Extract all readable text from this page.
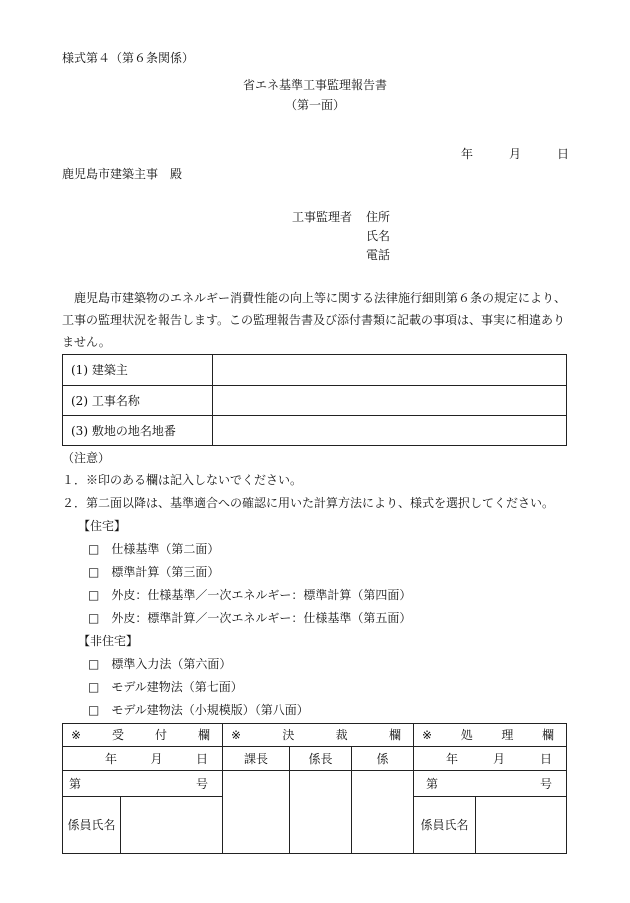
様式第４（第６条関係）
省エネ基準工事監理報告書
（第一面）
年	月	日
鹿児島市建築主事　殿
工事監理者 住所
氏名
電話
鹿児島市建築物のエネルギー消費性能の向上等に関する法律施行細則第６条の規定により、
工事の監理状況を報告します。この監理報告書及び添付書類に記載の事項は、事実に相違あり
ません。
(1) 建築主	
(2) 工事名称	
(3) 敷地の地名地番	
（注意）
１．※印のある欄は記入しないでください。
２．第二面以降は、基準適合への確認に用いた計算方法により、様式を選択してください。
【住宅】
□　仕様基準（第二面）
□　標準計算（第三面）
□　外皮：仕様基準／一次エネルギー：標準計算（第四面）
□　外皮：標準計算／一次エネルギー：仕様基準（第五面）
【非住宅】
□　標準入力法（第六面）
□　モデル建物法（第七面）
□　モデル建物法（小規模版）（第八面）
※ 受 付 欄		※ 決 裁 欄			※ 処 理 欄	

年 月 日		課長	係長	係	年 月 日	

第 号					第 号	

係員氏名					係員氏名	
